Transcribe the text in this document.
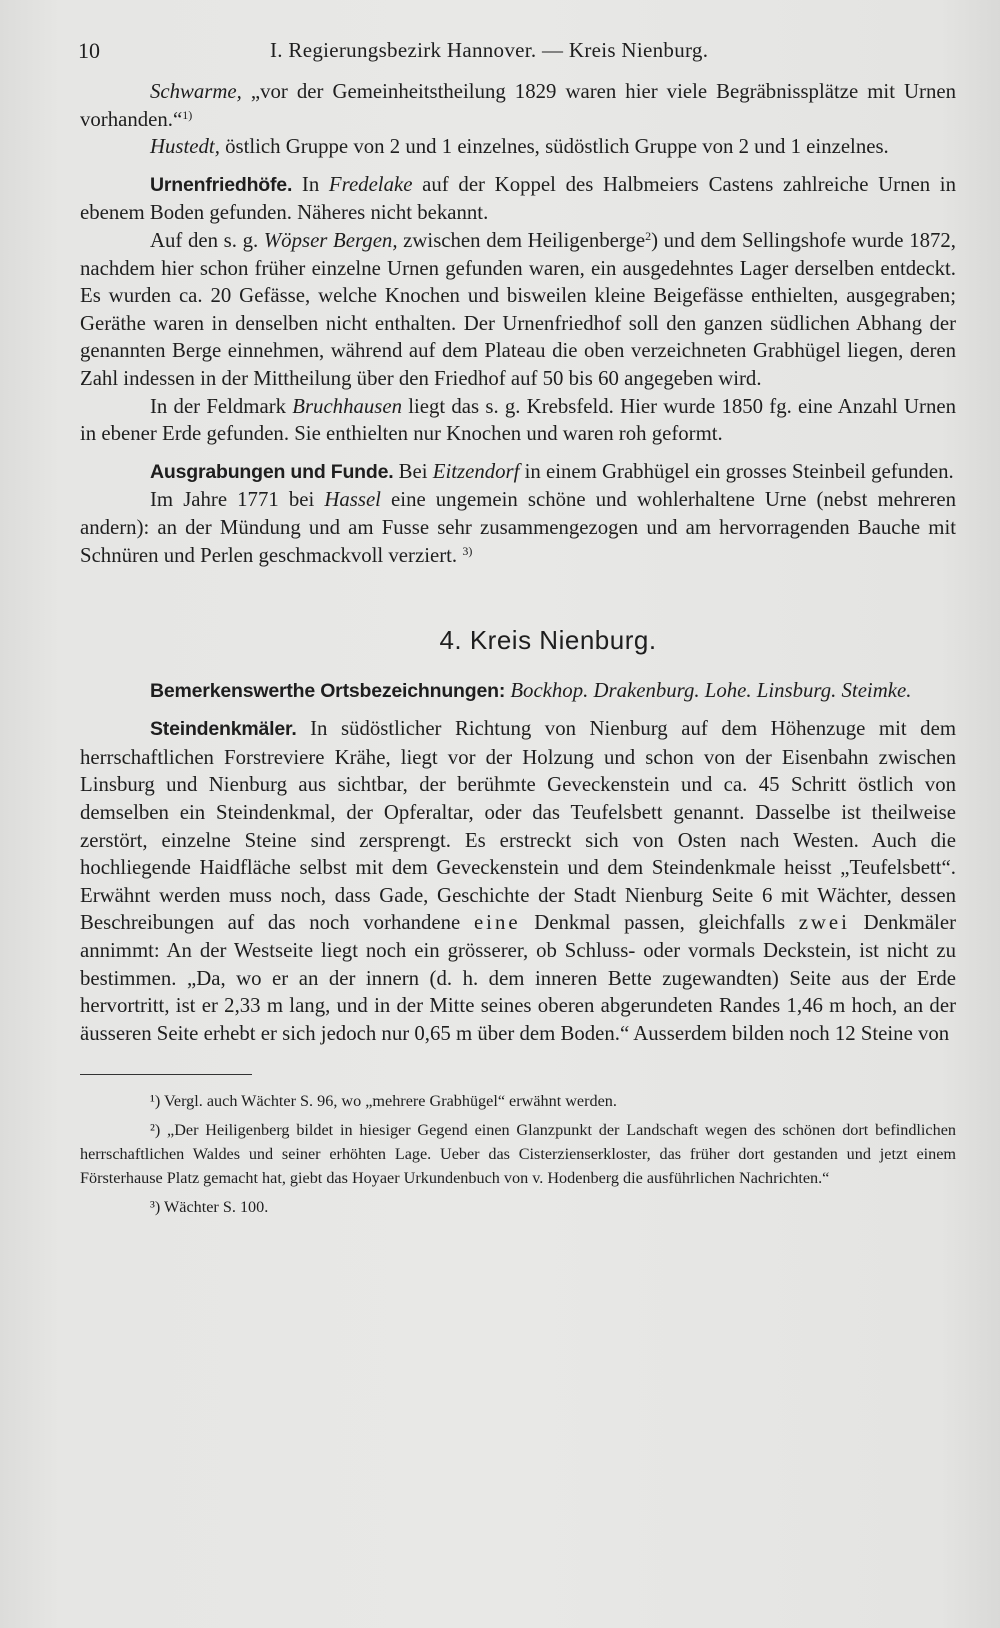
10	I. Regierungsbezirk Hannover. — Kreis Nienburg.

Schwarme, „vor der Gemeinheitstheilung 1829 waren hier viele Begräbnissplätze mit Urnen vorhanden.“$^{1)}$

Hustedt, östlich Gruppe von 2 und 1 einzelnes, südöstlich Gruppe von 2 und 1 einzelnes.

Urnenfriedhöfe. In Fredelake auf der Koppel des Halbmeiers Castens zahlreiche Urnen in ebenem Boden gefunden. Näheres nicht bekannt.

Auf den s. g. Wöpser Bergen, zwischen dem Heiligenberge$^2$) und dem Sellingshofe wurde 1872, nachdem hier schon früher einzelne Urnen gefunden waren, ein ausgedehntes Lager derselben entdeckt. Es wurden ca. 20 Gefässe, welche Knochen und bisweilen kleine Beigefässe enthielten, ausgegraben; Geräthe waren in denselben nicht enthalten. Der Urnenfriedhof soll den ganzen südlichen Abhang der genannten Berge einnehmen, während auf dem Plateau die oben verzeichneten Grabhügel liegen, deren Zahl indessen in der Mittheilung über den Friedhof auf 50 bis 60 angegeben wird.

In der Feldmark Bruchhausen liegt das s. g. Krebsfeld. Hier wurde 1850 fg. eine Anzahl Urnen in ebener Erde gefunden. Sie enthielten nur Knochen und waren roh geformt.

Ausgrabungen und Funde. Bei Eitzendorf in einem Grabhügel ein grosses Steinbeil gefunden.

Im Jahre 1771 bei Hassel eine ungemein schöne und wohlerhaltene Urne (nebst mehreren andern): an der Mündung und am Fusse sehr zusammengezogen und am hervorragenden Bauche mit Schnüren und Perlen geschmackvoll verziert. $^{3)}$

4. Kreis Nienburg.

Bemerkenswerthe Ortsbezeichnungen: Bockhop. Drakenburg. Lohe. Linsburg. Steimke.

Steindenkmäler. In südöstlicher Richtung von Nienburg auf dem Höhenzuge mit dem herrschaftlichen Forstreviere Krähe, liegt vor der Holzung und schon von der Eisenbahn zwischen Linsburg und Nienburg aus sichtbar, der berühmte Geveckenstein und ca. 45 Schritt östlich von demselben ein Steindenkmal, der Opferaltar, oder das Teufelsbett genannt. Dasselbe ist theilweise zerstört, einzelne Steine sind zersprengt. Es erstreckt sich von Osten nach Westen. Auch die hochliegende Haidfläche selbst mit dem Geveckenstein und dem Steindenkmale heisst „Teufelsbett“. Erwähnt werden muss noch, dass Gade, Geschichte der Stadt Nienburg Seite 6 mit Wächter, dessen Beschreibungen auf das noch vorhandene eine Denkmal passen, gleichfalls zwei Denkmäler annimmt: An der Westseite liegt noch ein grösserer, ob Schluss- oder vormals Deckstein, ist nicht zu bestimmen. „Da, wo er an der innern (d. h. dem inneren Bette zugewandten) Seite aus der Erde hervortritt, ist er 2,33 m lang, und in der Mitte seines oberen abgerundeten Randes 1,46 m hoch, an der äusseren Seite erhebt er sich jedoch nur 0,65 m über dem Boden.“ Ausserdem bilden noch 12 Steine von

¹) Vergl. auch Wächter S. 96, wo „mehrere Grabhügel“ erwähnt werden.

²) „Der Heiligenberg bildet in hiesiger Gegend einen Glanzpunkt der Landschaft wegen des schönen dort befindlichen herrschaftlichen Waldes und seiner erhöhten Lage. Ueber das Cisterzienserkloster, das früher dort gestanden und jetzt einem Försterhause Platz gemacht hat, giebt das Hoyaer Urkundenbuch von v. Hodenberg die ausführlichen Nachrichten.“

³) Wächter S. 100.
